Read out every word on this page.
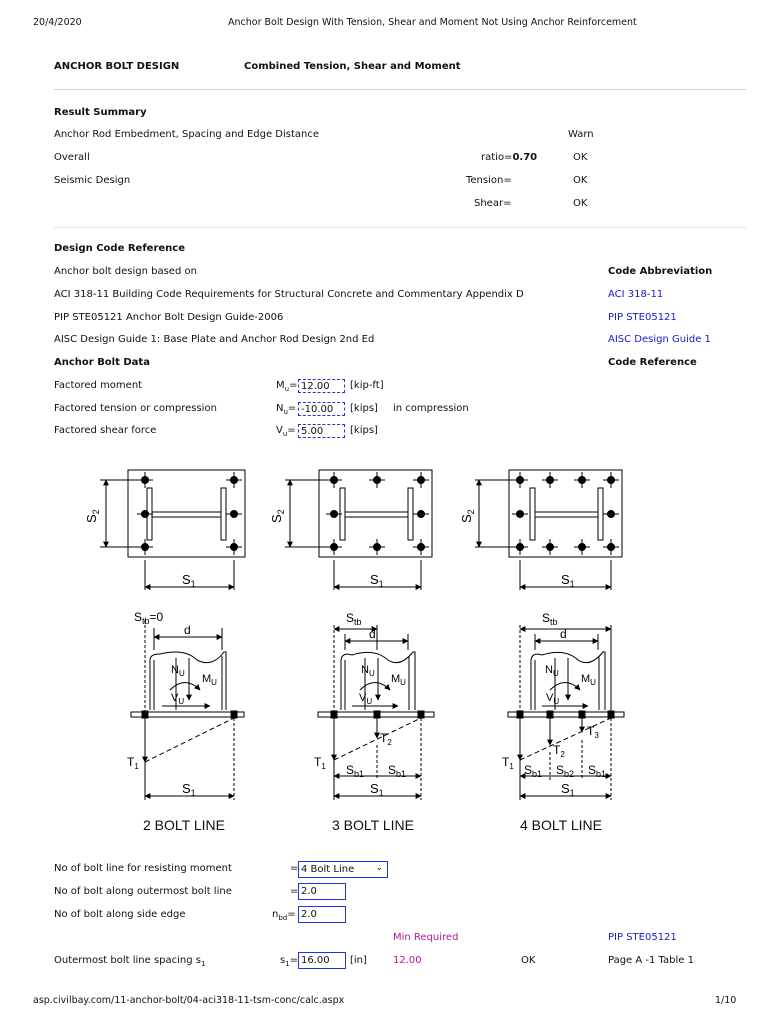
20/4/2020	Anchor Bolt Design With Tension, Shear and Moment Not Using Anchor Reinforcement
ANCHOR BOLT DESIGN	Combined Tension, Shear and Moment
Result Summary
Anchor Rod Embedment, Spacing and Edge Distance	Warn
Overall	ratio=0.70	OK
Seismic Design	Tension=	OK
Shear=	OK
Design Code Reference
Anchor bolt design based on	Code Abbreviation
ACI 318-11 Building Code Requirements for Structural Concrete and Commentary Appendix D	ACI 318-11
PIP STE05121 Anchor Bolt Design Guide-2006	PIP STE05121
AISC Design Guide 1: Base Plate and Anchor Rod Design 2nd Ed	AISC Design Guide 1
Anchor Bolt Data	Code Reference
Factored moment	$M_u= 12.00$	[kip-ft]
Factored tension or compression	$N_u= -10.00$	[kips] in compression
Factored shear force	$V_u= 5.00$	[kips]
$S_1$
$S_2$
$S_1$
$S_2$
$S_1$
$S_2$
$S_{tb}=0$
d
$N_U$ $M_U$
$V_U$
$T_1$
$S_1$
$S_{tb}$
d
$N_U$ $M_U$
$V_U$
$T_2$
$T_1$ $S_{b1}$ $S_{b1}$
$S_1$
$S_{tb}$
d
$N_U$ $M_U$
$V_U$
$T_3$
$T_2$
$T_1$ $S_{b1}$ $S_{b2}$ $S_{b1}$
$S_1$
2 BOLT LINE	3 BOLT LINE	4 BOLT LINE
No of bolt line for resisting moment	= 4 Bolt Line ⌄
No of bolt along outermost bolt line	= 2.0
No of bolt along side edge	$n_{bd}= 2.0$
Min Required	PIP STE05121
Outermost bolt line spacing $s_1$	$s_1= 16.00$	[in]	12.00	OK	Page A -1 Table 1
asp.civilbay.com/11-anchor-bolt/04-aci318-11-tsm-conc/calc.aspx	1/10
